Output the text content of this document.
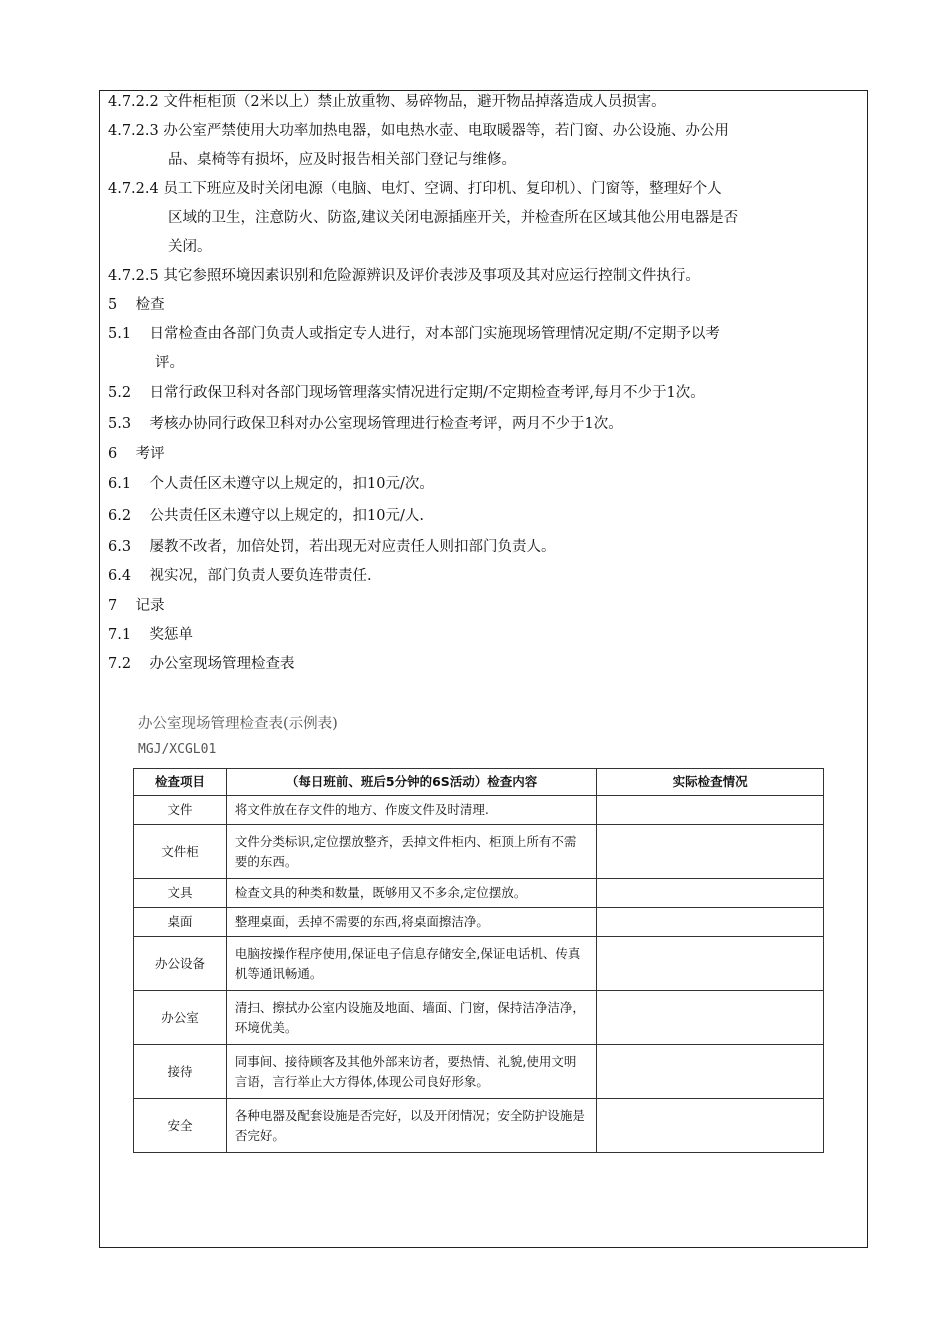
4.7.2.2 文件柜柜顶（2米以上）禁止放重物、易碎物品，避开物品掉落造成人员损害。
4.7.2.3 办公室严禁使用大功率加热电器，如电热水壶、电取暖器等，若门窗、办公设施、办公用
品、桌椅等有损坏，应及时报告相关部门登记与维修。
4.7.2.4 员工下班应及时关闭电源（电脑、电灯、空调、打印机、复印机）、门窗等，整理好个人
区域的卫生，注意防火、防盗,建议关闭电源插座开关，并检查所在区域其他公用电器是否
关闭。
4.7.2.5 其它参照环境因素识别和危险源辨识及评价表涉及事项及其对应运行控制文件执行。
5    检查
5.1 日常检查由各部门负责人或指定专人进行，对本部门实施现场管理情况定期/不定期予以考
评。
5.2 日常行政保卫科对各部门现场管理落实情况进行定期/不定期检查考评,每月不少于1次。
5.3 考核办协同行政保卫科对办公室现场管理进行检查考评，两月不少于1次。
6    考评
6.1 个人责任区未遵守以上规定的，扣10元/次。
6.2 公共责任区未遵守以上规定的，扣10元/人.
6.3 屡教不改者，加倍处罚，若出现无对应责任人则扣部门负责人。
6.4 视实况，部门负责人要负连带责任.
7    记录
7.1 奖惩单
7.2 办公室现场管理检查表
办公室现场管理检查表(示例表)
MGJ/XCGL01
检查项目	（每日班前、班后5分钟的6S活动）检查内容	实际检查情况
文件	将文件放在存文件的地方、作废文件及时清理.	
文件柜	文件分类标识,定位摆放整齐，丢掉文件柜内、柜顶上所有不需要的东西。	
文具	检查文具的种类和数量，既够用又不多余,定位摆放。	
桌面	整理桌面，丢掉不需要的东西,将桌面擦洁净。	
办公设备	电脑按操作程序使用,保证电子信息存储安全,保证电话机、传真机等通讯畅通。	
办公室	清扫、擦拭办公室内设施及地面、墙面、门窗，保持洁净洁净，环境优美。	
接待	同事间、接待顾客及其他外部来访者，要热情、礼貌,使用文明言语，言行举止大方得体,体现公司良好形象。	
安全	各种电器及配套设施是否完好，以及开闭情况；安全防护设施是否完好。	
